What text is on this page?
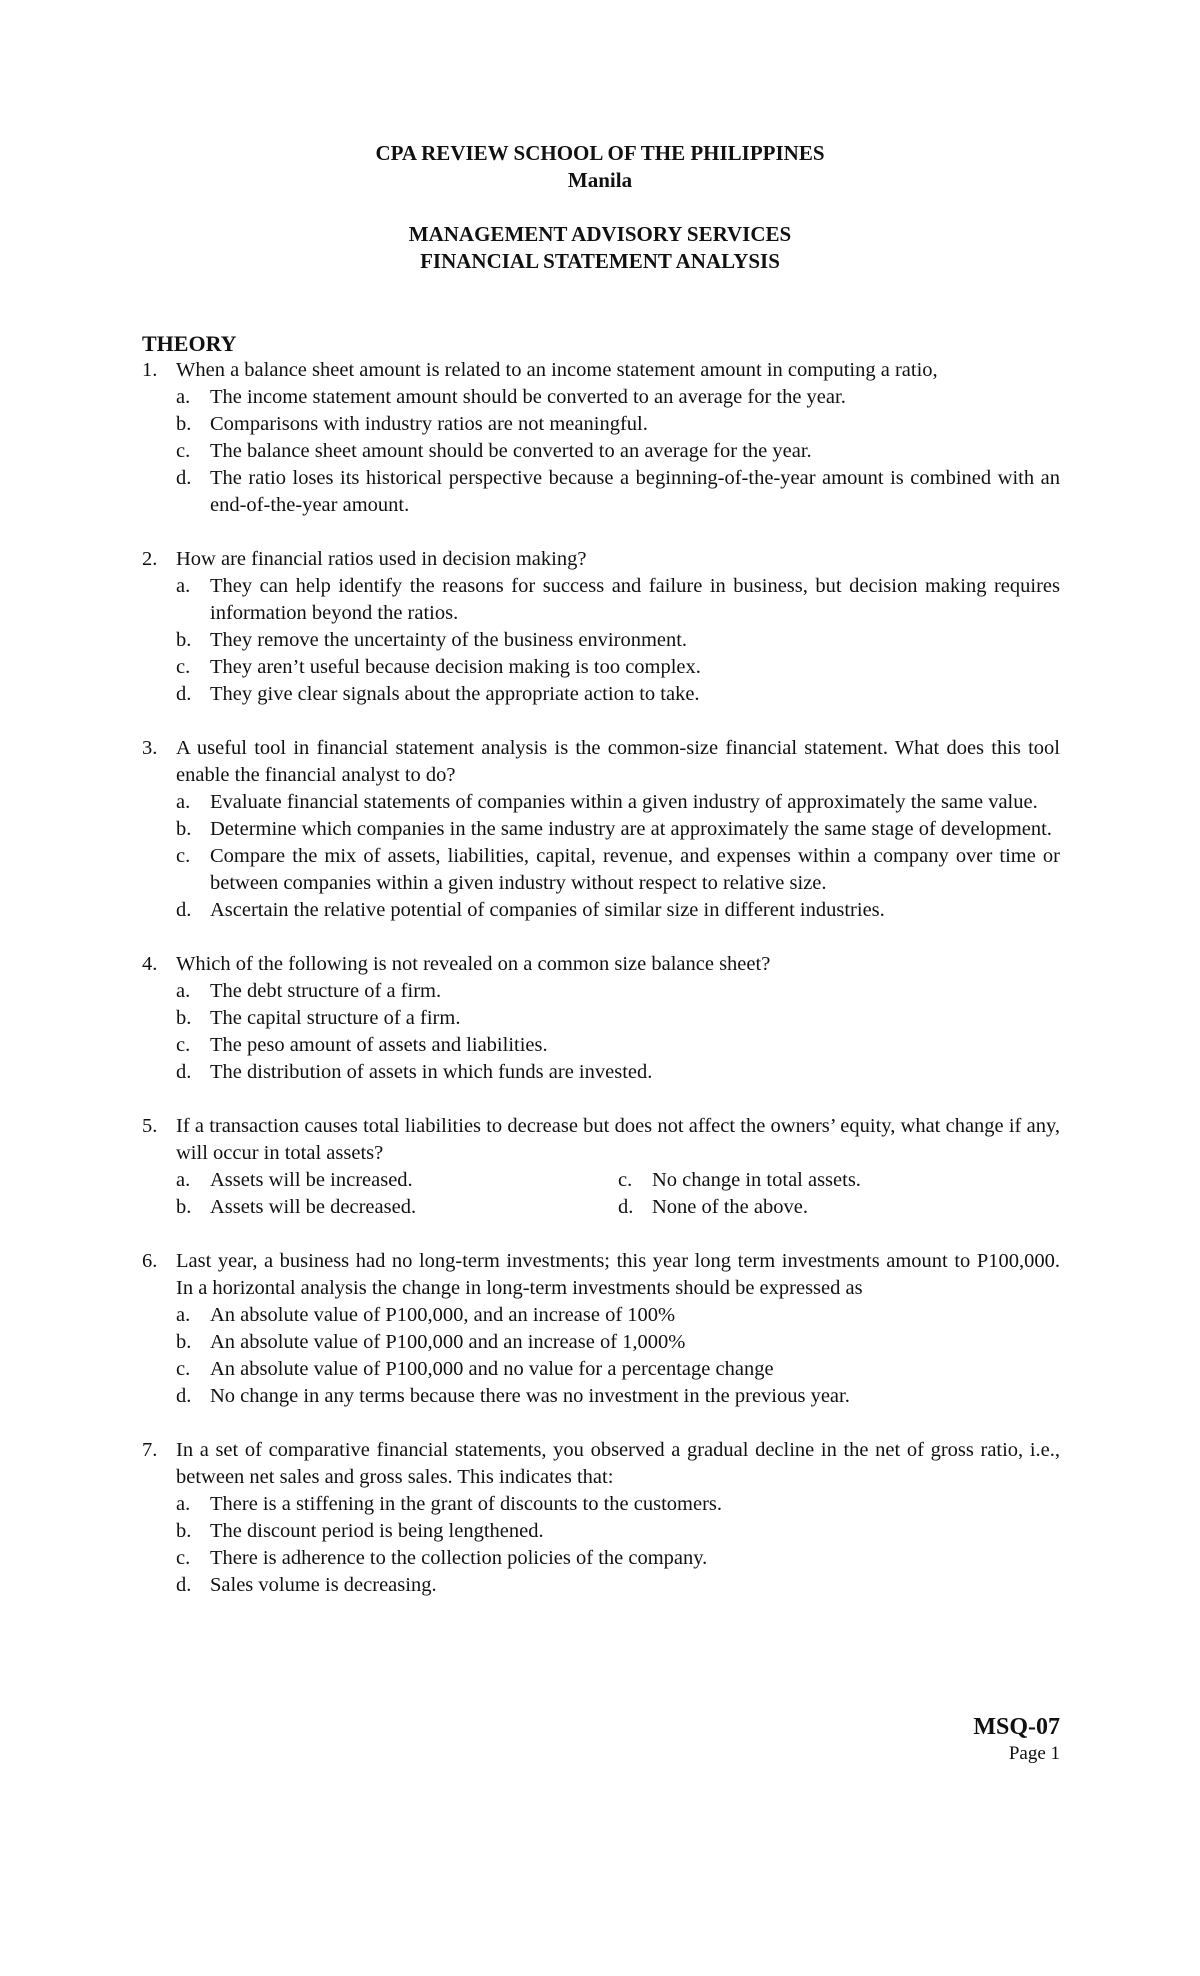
CPA REVIEW SCHOOL OF THE PHILIPPINES
Manila
MANAGEMENT ADVISORY SERVICES
FINANCIAL STATEMENT ANALYSIS
THEORY
1. When a balance sheet amount is related to an income statement amount in computing a ratio,
a. The income statement amount should be converted to an average for the year.
b. Comparisons with industry ratios are not meaningful.
c. The balance sheet amount should be converted to an average for the year.
d. The ratio loses its historical perspective because a beginning-of-the-year amount is combined with an end-of-the-year amount.
2. How are financial ratios used in decision making?
a. They can help identify the reasons for success and failure in business, but decision making requires information beyond the ratios.
b. They remove the uncertainty of the business environment.
c. They aren’t useful because decision making is too complex.
d. They give clear signals about the appropriate action to take.
3. A useful tool in financial statement analysis is the common-size financial statement. What does this tool enable the financial analyst to do?
a. Evaluate financial statements of companies within a given industry of approximately the same value.
b. Determine which companies in the same industry are at approximately the same stage of development.
c. Compare the mix of assets, liabilities, capital, revenue, and expenses within a company over time or between companies within a given industry without respect to relative size.
d. Ascertain the relative potential of companies of similar size in different industries.
4. Which of the following is not revealed on a common size balance sheet?
a. The debt structure of a firm.
b. The capital structure of a firm.
c. The peso amount of assets and liabilities.
d. The distribution of assets in which funds are invested.
5. If a transaction causes total liabilities to decrease but does not affect the owners’ equity, what change if any, will occur in total assets?
a. Assets will be increased.	c. No change in total assets.
b. Assets will be decreased.	d. None of the above.
6. Last year, a business had no long-term investments; this year long term investments amount to P100,000. In a horizontal analysis the change in long-term investments should be expressed as
a. An absolute value of P100,000, and an increase of 100%
b. An absolute value of P100,000 and an increase of 1,000%
c. An absolute value of P100,000 and no value for a percentage change
d. No change in any terms because there was no investment in the previous year.
7. In a set of comparative financial statements, you observed a gradual decline in the net of gross ratio, i.e., between net sales and gross sales. This indicates that:
a. There is a stiffening in the grant of discounts to the customers.
b. The discount period is being lengthened.
c. There is adherence to the collection policies of the company.
d. Sales volume is decreasing.
MSQ-07
Page 1
